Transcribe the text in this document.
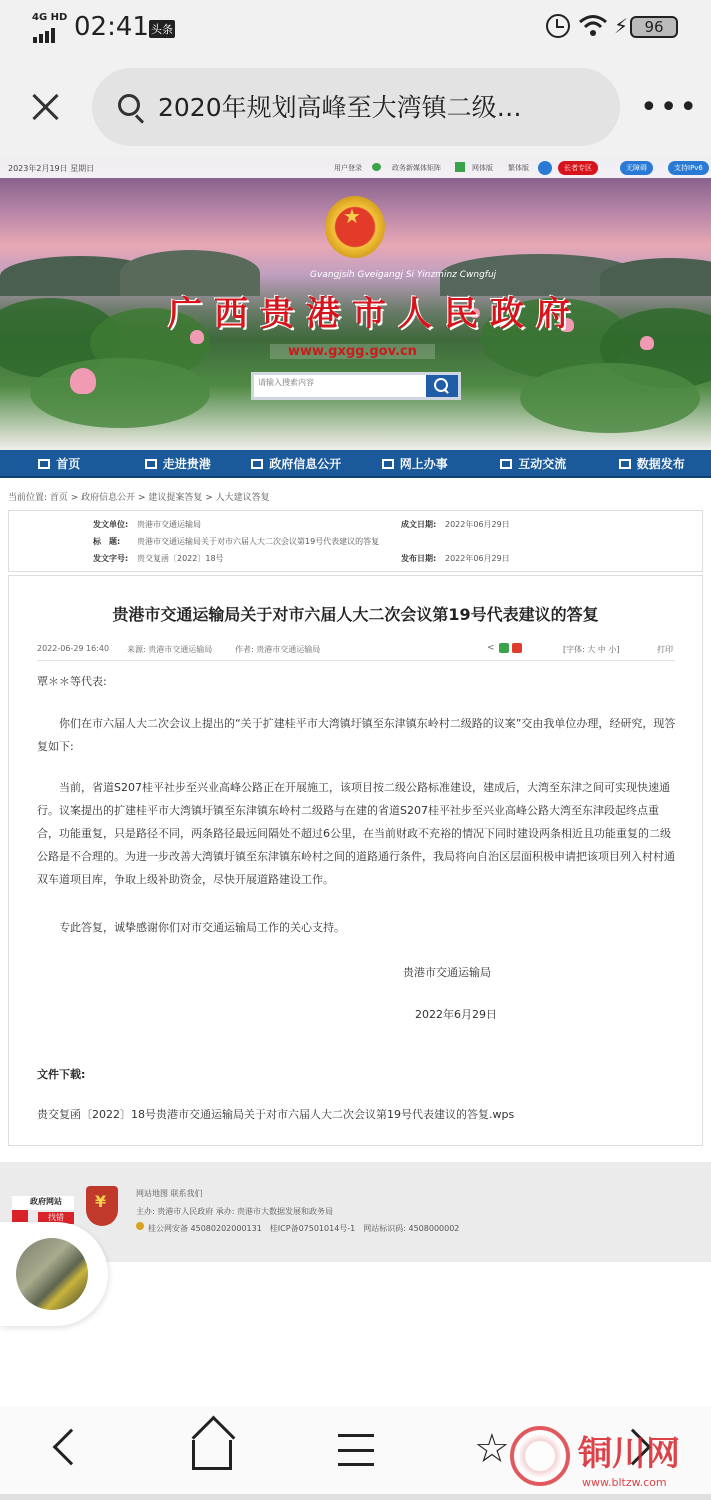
4G HD 02:41 头条	⚡	96
2020年规划高峰至大湾镇二级…	•••
★
Gvangjsih Gveigangj Si Yinzminz Cwngfuj
广西贵港市人民政府
www.gxgg.gov.cn
请输入搜索内容
2023年2月19日 星期日	用户登录	政务新媒体矩阵	网体版 繁体版	长者专区	无障碍	支持IPv6
首页	走进贵港	政府信息公开	网上办事	互动交流	数据发布
当前位置: 首页 > 政府信息公开 > 建议提案答复 > 人大建议答复
发文单位: 贵港市交通运输局	成文日期: 2022年06月29日
标　题: 贵港市交通运输局关于对市六届人大二次会议第19号代表建议的答复
发文字号: 贵交复函〔2022〕18号	发布日期: 2022年06月29日
贵港市交通运输局关于对市六届人大二次会议第19号代表建议的答复
2022-06-29 16:40 来源: 贵港市交通运输局	作者: 贵港市交通运输局	<	[字体: 大 中 小]	打印
覃＊＊等代表:
你们在市六届人大二次会议上提出的“关于扩建桂平市大湾镇圩镇至东津镇东岭村二级路的议案”交由我单位办理，经研究，现答复如下:
当前，省道S207桂平社步至兴业高峰公路正在开展施工，该项目按二级公路标准建设，建成后，大湾至东津之间可实现快速通行。议案提出的扩建桂平市大湾镇圩镇至东津镇东岭村二级路与在建的省道S207桂平社步至兴业高峰公路大湾至东津段起终点重合，功能重复，只是路径不同，两条路径最远间隔处不超过6公里，在当前财政不充裕的情况下同时建设两条相近且功能重复的二级公路是不合理的。为进一步改善大湾镇圩镇至东津镇东岭村之间的道路通行条件，我局将向自治区层面积极申请把该项目列入村村通双车道项目库，争取上级补助资金，尽快开展道路建设工作。
专此答复，诚挚感谢你们对市交通运输局工作的关心支持。
贵港市交通运输局
2022年6月29日
文件下载:
贵交复函〔2022〕18号贵港市交通运输局关于对市六届人大二次会议第19号代表建议的答复.wps
¥
网站地图 联系我们
主办: 贵港市人民政府 承办: 贵港市大数据发展和政务局
桂公网安备 45080202000131　桂ICP备07501014号-1　网站标识码: 4508000002
政府网站
找错
☆ 铜川网
www.bltzw.com
